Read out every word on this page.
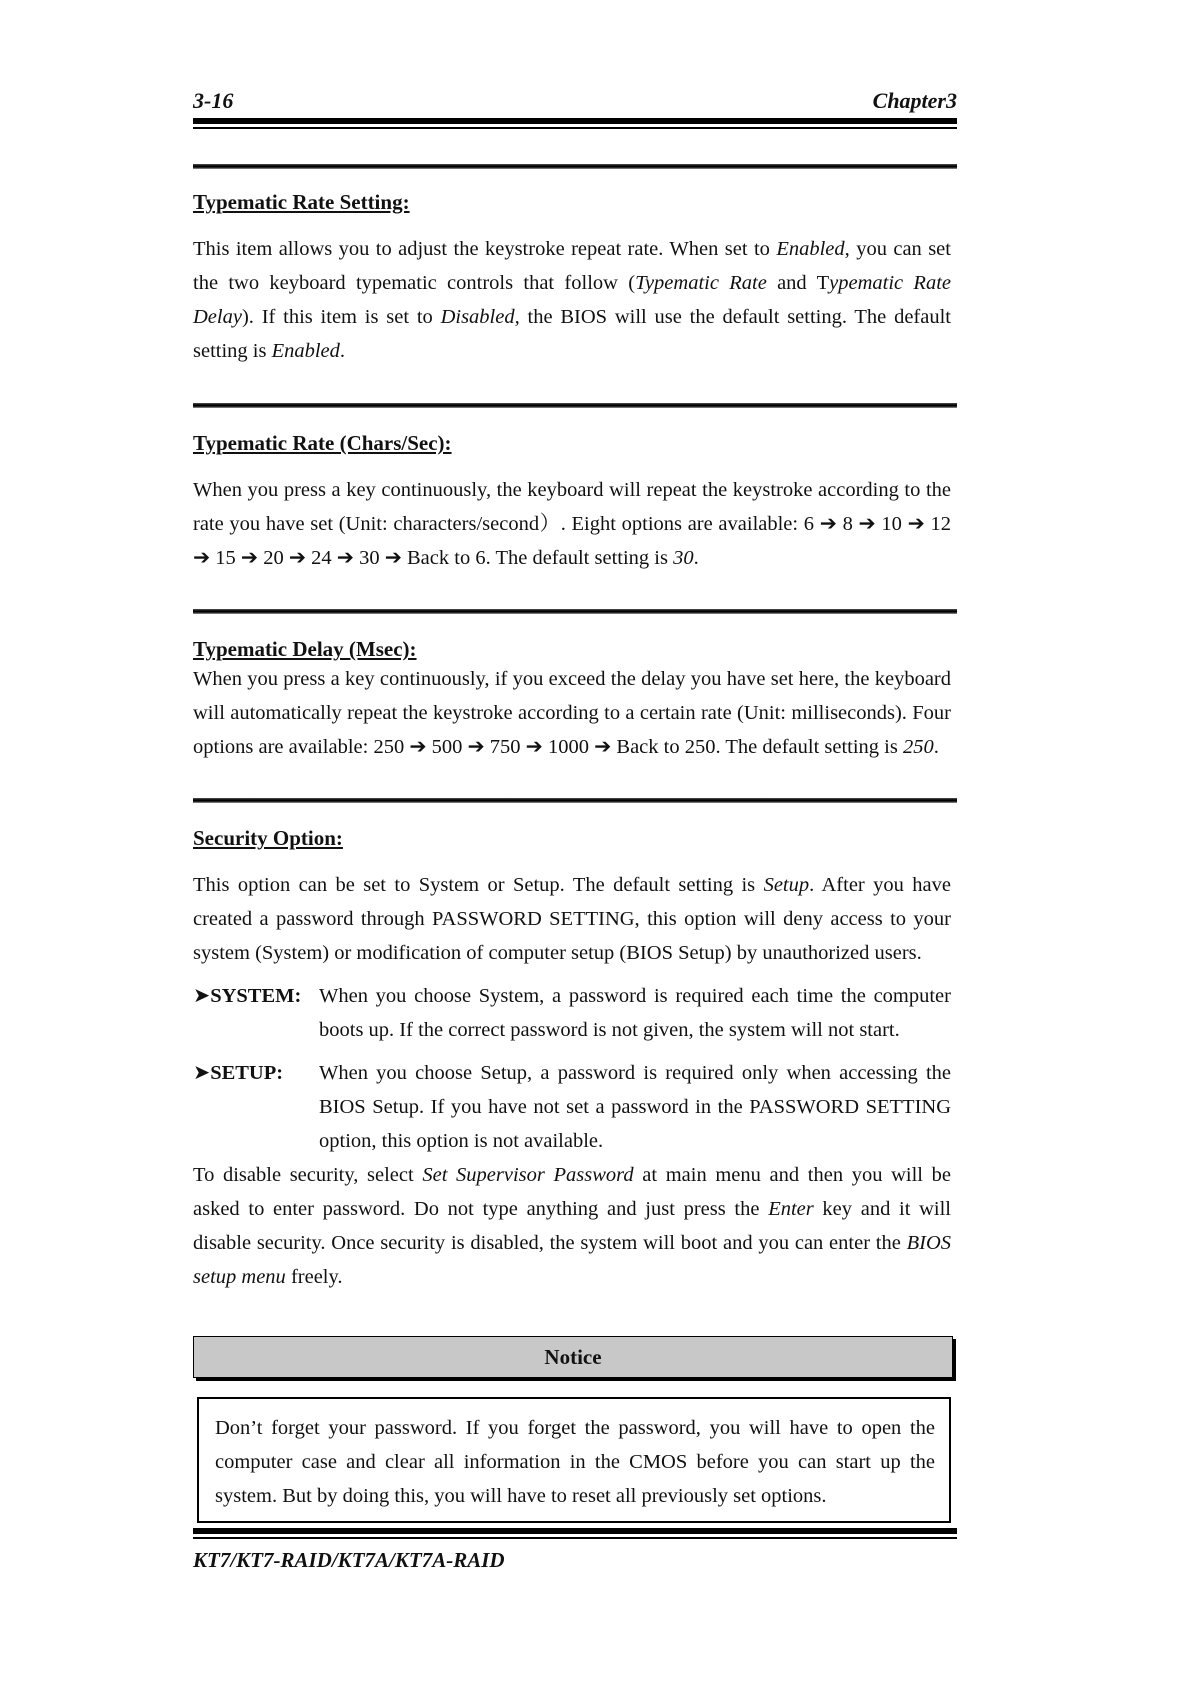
3-16	Chapter3
Typematic Rate Setting:

This item allows you to adjust the keystroke repeat rate. When set to Enabled, you can set the two keyboard typematic controls that follow (Typematic Rate and Typematic Rate Delay). If this item is set to Disabled, the BIOS will use the default setting. The default setting is Enabled.

Typematic Rate (Chars/Sec):

When you press a key continuously, the keyboard will repeat the keystroke according to the rate you have set (Unit: characters/second）. Eight options are available: 6 ➔ 8 ➔ 10 ➔ 12 ➔ 15 ➔ 20 ➔ 24 ➔ 30 ➔ Back to 6. The default setting is 30.

Typematic Delay (Msec):

When you press a key continuously, if you exceed the delay you have set here, the keyboard will automatically repeat the keystroke according to a certain rate (Unit: milliseconds). Four options are available: 250 ➔ 500 ➔ 750 ➔ 1000 ➔ Back to 250. The default setting is 250.

Security Option:

This option can be set to System or Setup. The default setting is Setup. After you have created a password through PASSWORD SETTING, this option will deny access to your system (System) or modification of computer setup (BIOS Setup) by unauthorized users.

➤SYSTEM: When you choose System, a password is required each time the computer boots up. If the correct password is not given, the system will not start.
➤SETUP:	When you choose Setup, a password is required only when accessing the BIOS Setup. If you have not set a password in the PASSWORD SETTING option, this option is not available.

To disable security, select Set Supervisor Password at main menu and then you will be asked to enter password. Do not type anything and just press the Enter key and it will disable security. Once security is disabled, the system will boot and you can enter the BIOS setup menu freely.

Notice

Don’t forget your password. If you forget the password, you will have to open the computer case and clear all information in the CMOS before you can start up the system. But by doing this, you will have to reset all previously set options.

KT7/KT7-RAID/KT7A/KT7A-RAID
